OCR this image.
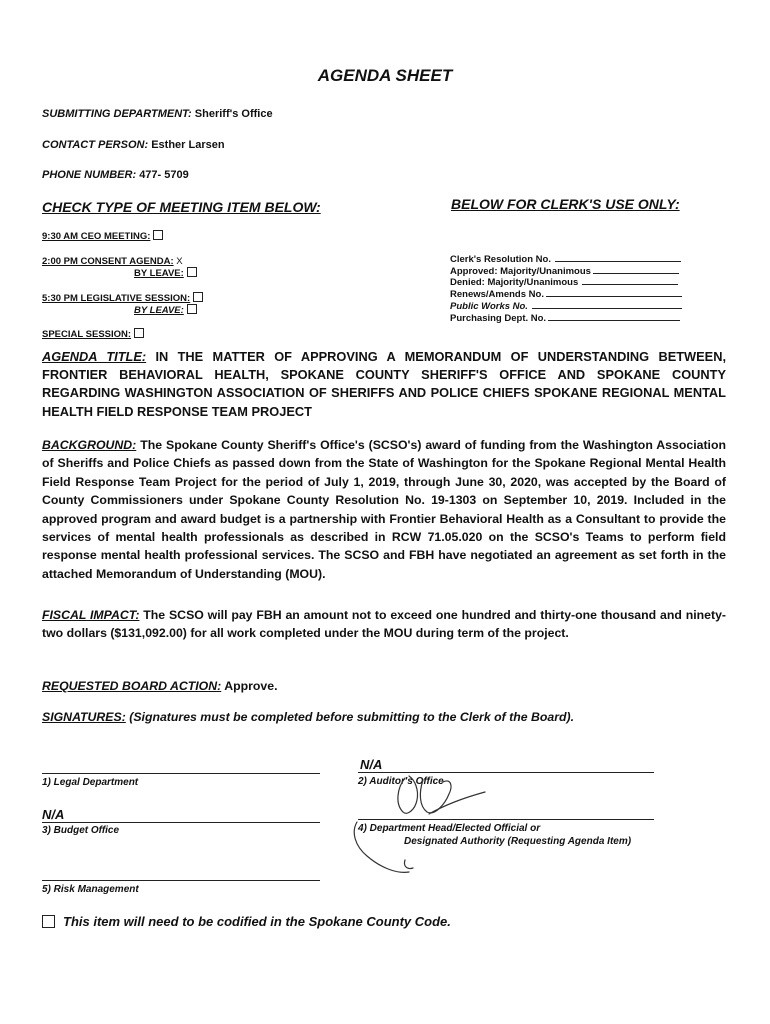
AGENDA SHEET
SUBMITTING DEPARTMENT: Sheriff's Office
CONTACT PERSON: Esther Larsen
PHONE NUMBER: 477- 5709
CHECK TYPE OF MEETING ITEM BELOW:	BELOW FOR CLERK'S USE ONLY:
9:30 AM CEO MEETING:
2:00 PM CONSENT AGENDA: X
BY LEAVE:
5:30 PM LEGISLATIVE SESSION:
BY LEAVE:
SPECIAL SESSION:
Clerk's Resolution No.
Approved: Majority/Unanimous
Denied: Majority/Unanimous
Renews/Amends No.
Public Works No.
Purchasing Dept. No.
AGENDA TITLE: IN THE MATTER OF APPROVING A MEMORANDUM OF UNDERSTANDING BETWEEN, FRONTIER BEHAVIORAL HEALTH, SPOKANE COUNTY SHERIFF'S OFFICE AND SPOKANE COUNTY REGARDING WASHINGTON ASSOCIATION OF SHERIFFS AND POLICE CHIEFS SPOKANE REGIONAL MENTAL HEALTH FIELD RESPONSE TEAM PROJECT
BACKGROUND: The Spokane County Sheriff's Office's (SCSO's) award of funding from the Washington Association of Sheriffs and Police Chiefs as passed down from the State of Washington for the Spokane Regional Mental Health Field Response Team Project for the period of July 1, 2019, through June 30, 2020, was accepted by the Board of County Commissioners under Spokane County Resolution No. 19-1303 on September 10, 2019. Included in the approved program and award budget is a partnership with Frontier Behavioral Health as a Consultant to provide the services of mental health professionals as described in RCW 71.05.020 on the SCSO's Teams to perform field response mental health professional services. The SCSO and FBH have negotiated an agreement as set forth in the attached Memorandum of Understanding (MOU).
FISCAL IMPACT: The SCSO will pay FBH an amount not to exceed one hundred and thirty-one thousand and ninety-two dollars ($131,092.00) for all work completed under the MOU during term of the project.
REQUESTED BOARD ACTION: Approve.
SIGNATURES: (Signatures must be completed before submitting to the Clerk of the Board).
1) Legal Department
N/A
2) Auditor's Office
N/A
3) Budget Office	4) Department Head/Elected Official or
Designated Authority (Requesting Agenda Item)
5) Risk Management
This item will need to be codified in the Spokane County Code.
